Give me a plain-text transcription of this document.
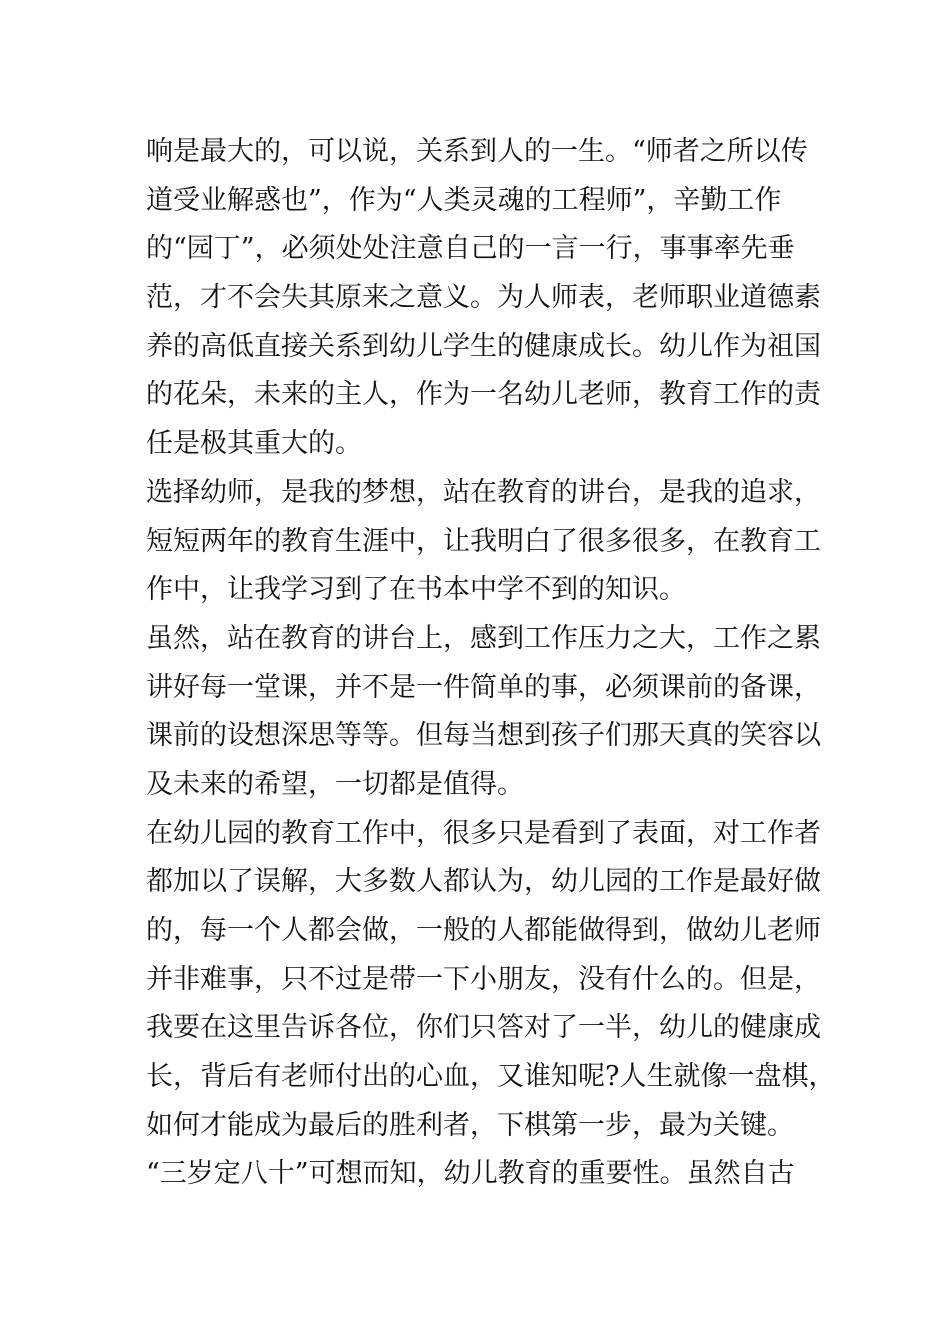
响是最大的，可以说，关系到人的一生。“师者之所以传
道受业解惑也”，作为“人类灵魂的工程师”，辛勤工作
的“园丁”，必须处处注意自己的一言一行，事事率先垂
范，才不会失其原来之意义。为人师表，老师职业道德素
养的高低直接关系到幼儿学生的健康成长。幼儿作为祖国
的花朵，未来的主人，作为一名幼儿老师，教育工作的责
任是极其重大的。
选择幼师，是我的梦想，站在教育的讲台，是我的追求，
短短两年的教育生涯中，让我明白了很多很多，在教育工
作中，让我学习到了在书本中学不到的知识。
虽然，站在教育的讲台上，感到工作压力之大，工作之累
讲好每一堂课，并不是一件简单的事，必须课前的备课，
课前的设想深思等等。但每当想到孩子们那天真的笑容以
及未来的希望，一切都是值得。
在幼儿园的教育工作中，很多只是看到了表面，对工作者
都加以了误解，大多数人都认为，幼儿园的工作是最好做
的，每一个人都会做，一般的人都能做得到，做幼儿老师
并非难事，只不过是带一下小朋友，没有什么的。但是，
我要在这里告诉各位，你们只答对了一半，幼儿的健康成
长，背后有老师付出的心血，又谁知呢?人生就像一盘棋，
如何才能成为最后的胜利者，下棋第一步，最为关键。
“三岁定八十”可想而知，幼儿教育的重要性。虽然自古
